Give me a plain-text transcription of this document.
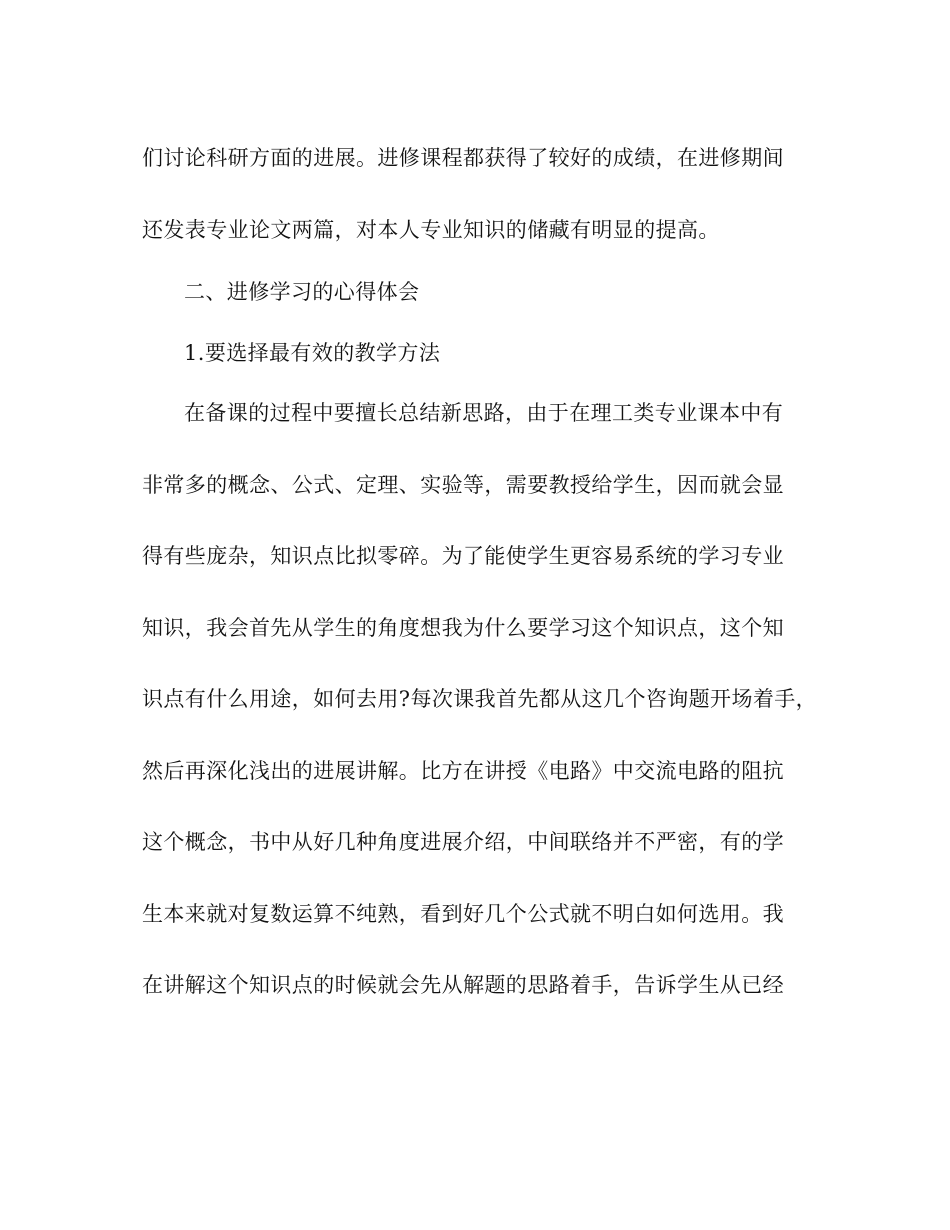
们讨论科研方面的进展。进修课程都获得了较好的成绩，在进修期间
还发表专业论文两篇，对本人专业知识的储藏有明显的提高。
二、进修学习的心得体会
1.要选择最有效的教学方法
在备课的过程中要擅长总结新思路，由于在理工类专业课本中有
非常多的概念、公式、定理、实验等，需要教授给学生，因而就会显
得有些庞杂，知识点比拟零碎。为了能使学生更容易系统的学习专业
知识，我会首先从学生的角度想我为什么要学习这个知识点，这个知
识点有什么用途，如何去用?每次课我首先都从这几个咨询题开场着手，
然后再深化浅出的进展讲解。比方在讲授《电路》中交流电路的阻抗
这个概念，书中从好几种角度进展介绍，中间联络并不严密，有的学
生本来就对复数运算不纯熟，看到好几个公式就不明白如何选用。我
在讲解这个知识点的时候就会先从解题的思路着手，告诉学生从已经
